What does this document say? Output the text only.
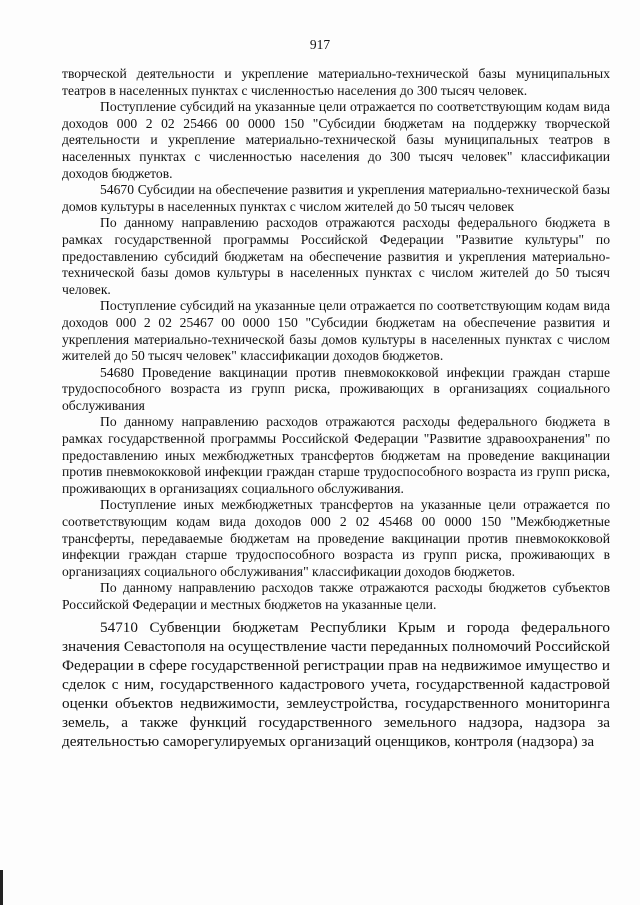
917

творческой деятельности и укрепление материально-технической базы муниципальных театров в населенных пунктах с численностью населения до 300 тысяч человек.

Поступление субсидий на указанные цели отражается по соответствующим кодам вида доходов 000 2 02 25466 00 0000 150 "Субсидии бюджетам на поддержку творческой деятельности и укрепление материально-технической базы муниципальных театров в населенных пунктах с численностью населения до 300 тысяч человек" классификации доходов бюджетов.

54670 Субсидии на обеспечение развития и укрепления материально-технической базы домов культуры в населенных пунктах с числом жителей до 50 тысяч человек

По данному направлению расходов отражаются расходы федерального бюджета в рамках государственной программы Российской Федерации "Развитие культуры" по предоставлению субсидий бюджетам на обеспечение развития и укрепления материально-технической базы домов культуры в населенных пунктах с числом жителей до 50 тысяч человек.

Поступление субсидий на указанные цели отражается по соответствующим кодам вида доходов 000 2 02 25467 00 0000 150 "Субсидии бюджетам на обеспечение развития и укрепления материально-технической базы домов культуры в населенных пунктах с числом жителей до 50 тысяч человек" классификации доходов бюджетов.

54680 Проведение вакцинации против пневмококковой инфекции граждан старше трудоспособного возраста из групп риска, проживающих в организациях социального обслуживания

По данному направлению расходов отражаются расходы федерального бюджета в рамках государственной программы Российской Федерации "Развитие здравоохранения" по предоставлению иных межбюджетных трансфертов бюджетам на проведение вакцинации против пневмококковой инфекции граждан старше трудоспособного возраста из групп риска, проживающих в организациях социального обслуживания.

Поступление иных межбюджетных трансфертов на указанные цели отражается по соответствующим кодам вида доходов 000 2 02 45468 00 0000 150 "Межбюджетные трансферты, передаваемые бюджетам на проведение вакцинации против пневмококковой инфекции граждан старше трудоспособного возраста из групп риска, проживающих в организациях социального обслуживания" классификации доходов бюджетов.

По данному направлению расходов также отражаются расходы бюджетов субъектов Российской Федерации и местных бюджетов на указанные цели.

54710 Субвенции бюджетам Республики Крым и города федерального значения Севастополя на осуществление части переданных полномочий Российской Федерации в сфере государственной регистрации прав на недвижимое имущество и сделок с ним, государственного кадастрового учета, государственной кадастровой оценки объектов недвижимости, землеустройства, государственного мониторинга земель, а также функций государственного земельного надзора, надзора за деятельностью саморегулируемых организаций оценщиков, контроля (надзора) за
